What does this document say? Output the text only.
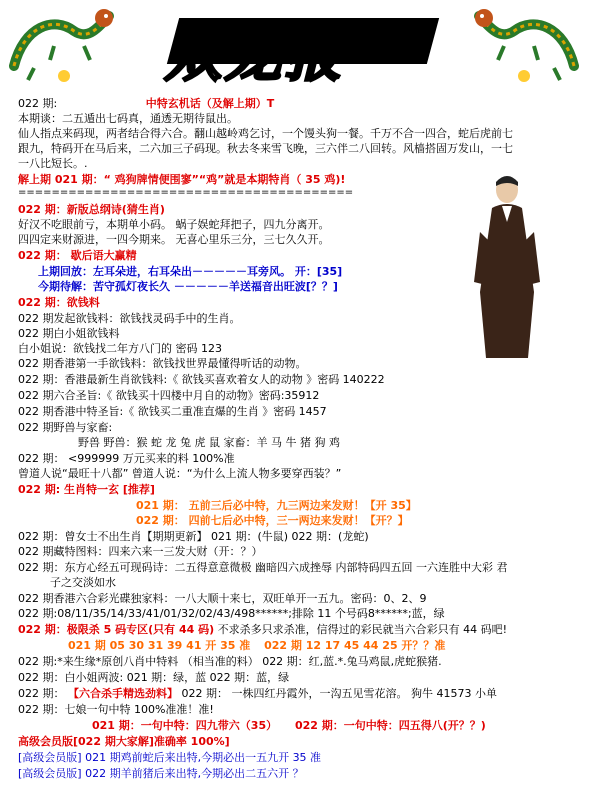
双龙报
022 期:	中特玄机话（及解上期）T
本期谈：二五遁出七码真，通透无期待鼠出。
仙人指点来码现，两者结合得六合。翻山越岭鸡乞讨，一个馒头狗一餐。千万不合一四合，蛇后虎前七
跟九，特码开在马后来，二六加三子码现。秋去冬来雪飞晚，三六伴二八回转。风樯搭固万发山，一七
一八比短长。.
解上期 021 期：“ 鸡狗牌情便围寥”“鸡”就是本期特肖（ 35 鸡)!
========================================
022 期：新版总纲诗(猜生肖)
好汉不吃眼前亏，本期单小码。 蜗子娱蛇拜把子，四九分离开。
四四定来财源进，一四今期来。 无喜心里乐三分，三七久久开。
022 期： 歇后语大赢精
上期回放：左耳朵进，右耳朵出－－－－－耳旁风。 开：[35]
今期待解：苦守孤灯夜长久 －－－－－羊送福音出旺波[？？]
022 期：欲钱料
022 期发起欲钱料：欲钱找灵码手中的生肖。
022 期白小姐欲钱料
白小姐说：欲钱找二年方八门的 密码 123
022 期香港第一手欲钱料：欲钱找世界最懂得听话的动物。
022 期：香港最新生肖欲钱料:《 欲钱买喜欢着女人的动物 》密码 140222
022 期六合圣旨:《 欲钱买十四楼中月自的动物》密码:35912
022 期香港中特圣旨:《 欲钱买二重准直爆的生肖 》密码 1457
022 期野兽与家畜:
野兽 野兽：猴 蛇 龙 兔 虎 鼠 家畜：羊 马 牛 猪 狗 鸡
022 期： <999999 万元买来的料 100%准
曾道人说“最旺十八都” 曾道人说：“为什么上流人物多要穿西装？”
022 期: 生肖特一玄 [推荐]
021 期： 五前三后必中特，九三两边来发财！【开 35】
022 期： 四前七后必中特，三一两边来发财！【开？】
022 期：曾女士不出生肖【期期更新】 021 期：(牛鼠) 022 期：(龙蛇)
022 期藏特图料：四来六来一三发大财（开：？）
022 期：东方心经五可现码诗：二五得意意微极 幽暗四六成挫辱 内部特码四五回 一六连胜中大彩 君
子之交淡如水
022 期香港六合彩光碟独家料：一八大顺十来七，双旺单开一五九。密码：0、2、9
022 期:08/11/35/14/33/41/01/32/02/43/498******;排除 11 个号码8******;蓝，绿
022 期：极限杀 5 码专区(只有 44 码) 不求杀多只求杀准，信得过的彩民就当六合彩只有 44 码吧!
021 期 05 30 31 39 41 开 35 准 022 期 12 17 45 44 25 开？？准
022 期:*来生缘*原创八肖中特料 （相当准的料） 022 期：红,蓝.*.兔马鸡鼠,虎蛇猴猪.
022 期：白小姐两波: 021 期：绿，蓝 022 期：蓝，绿
022 期： 【六合杀手精选劲料】 022 期： 一株四红丹霞外，一沟五见雪花溶。 狗牛 41573 小单
022 期：七娘一句中特 100%准准！准!
021 期：一句中特：四九带六（35） 022 期：一句中特：四五得八(开？？)
高级会员版[022 期大家解]准确率 100%]
[高级会员版] 021 期鸡前蛇后来出特,今期必出一五九开 35 准
[高级会员版] 022 期羊前猪后来出特,今期必出二五六开 ？
